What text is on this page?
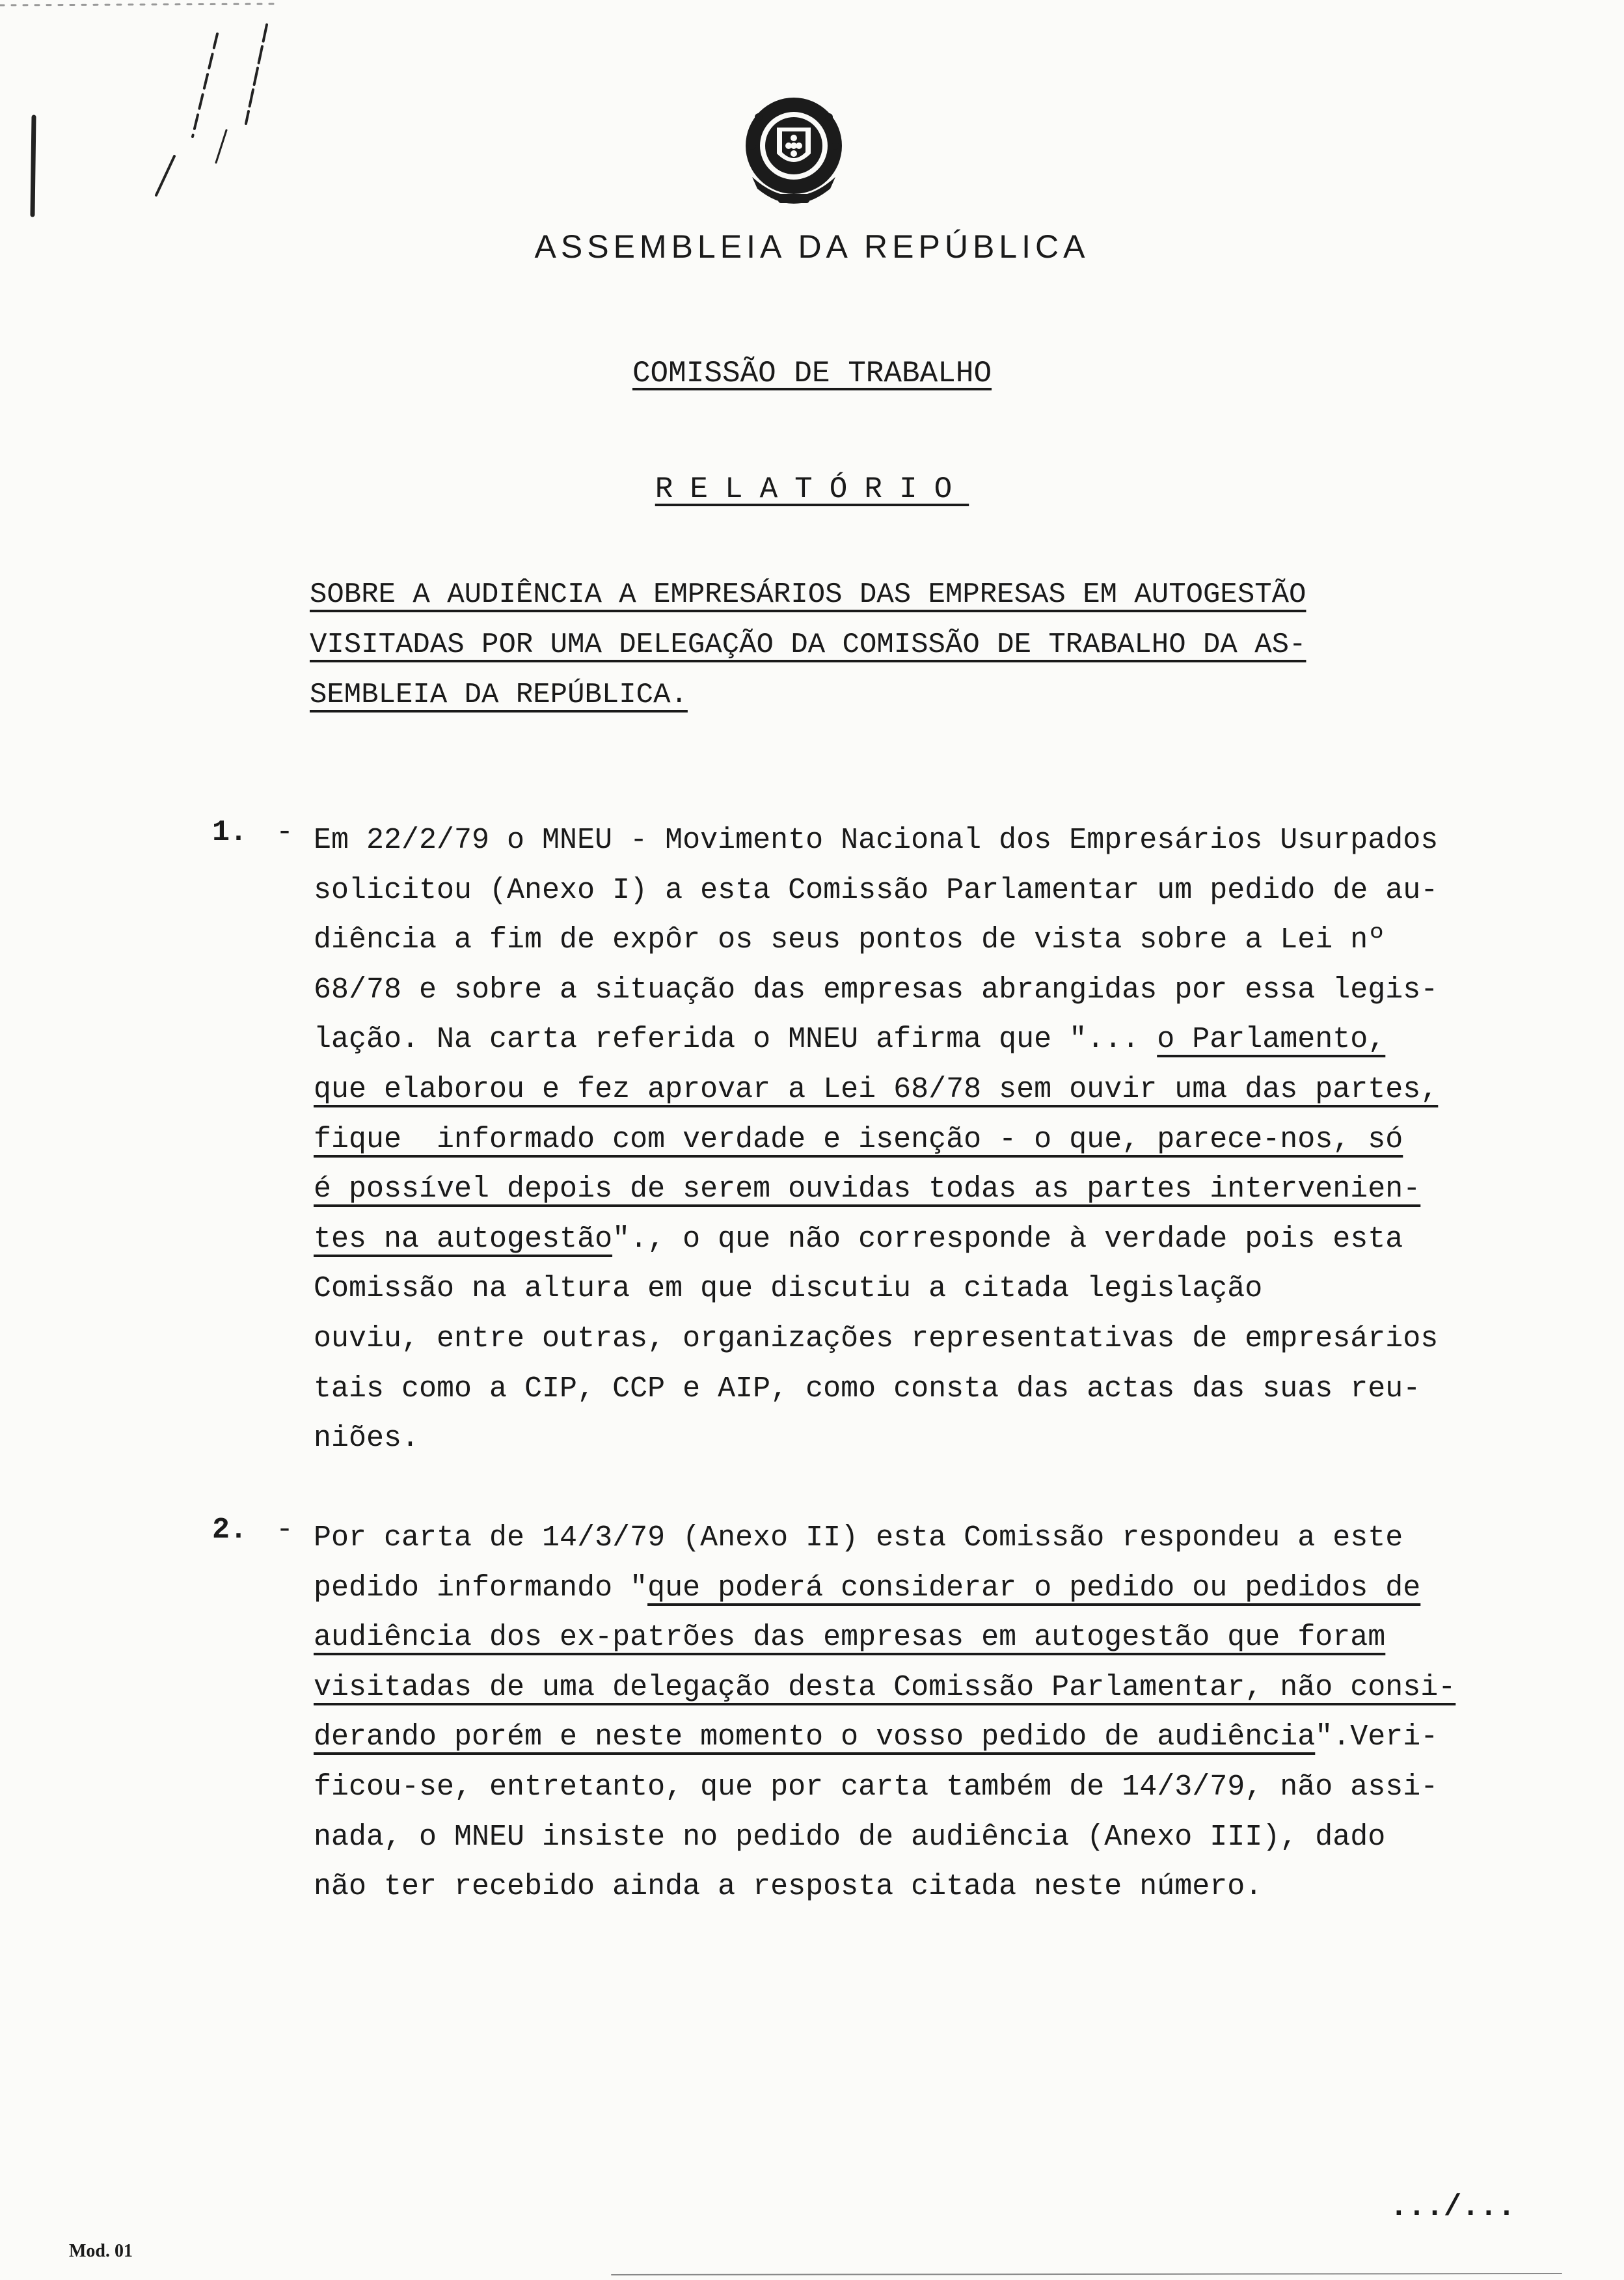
ASSEMBLEIA DA REPÚBLICA
COMISSÃO DE TRABALHO
RELATÓRIO
SOBRE A AUDIÊNCIA A EMPRESÁRIOS DAS EMPRESAS EM AUTOGESTÃO
VISITADAS POR UMA DELEGAÇÃO DA COMISSÃO DE TRABALHO DA AS-
SEMBLEIA DA REPÚBLICA.
1. - Em 22/2/79 o MNEU - Movimento Nacional dos Empresários Usurpados
solicitou (Anexo I) a esta Comissão Parlamentar um pedido de au-
diência a fim de expôr os seus pontos de vista sobre a Lei nº
68/78 e sobre a situação das empresas abrangidas por essa legis-
lação. Na carta referida o MNEU afirma que "... o Parlamento,
que elaborou e fez aprovar a Lei 68/78 sem ouvir uma das partes,
fique  informado com verdade e isenção - o que, parece-nos, só
é possível depois de serem ouvidas todas as partes intervenien-
tes na autogestão"., o que não corresponde à verdade pois esta
Comissão na altura em que discutiu a citada legislação
ouviu, entre outras, organizações representativas de empresários
tais como a CIP, CCP e AIP, como consta das actas das suas reu-
niões.
2. - Por carta de 14/3/79 (Anexo II) esta Comissão respondeu a este
pedido informando "que poderá considerar o pedido ou pedidos de
audiência dos ex-patrões das empresas em autogestão que foram
visitadas de uma delegação desta Comissão Parlamentar, não consi-
derando porém e neste momento o vosso pedido de audiência".Veri-
ficou-se, entretanto, que por carta também de 14/3/79, não assi-
nada, o MNEU insiste no pedido de audiência (Anexo III), dado
não ter recebido ainda a resposta citada neste número.
.../...
Mod. 01
